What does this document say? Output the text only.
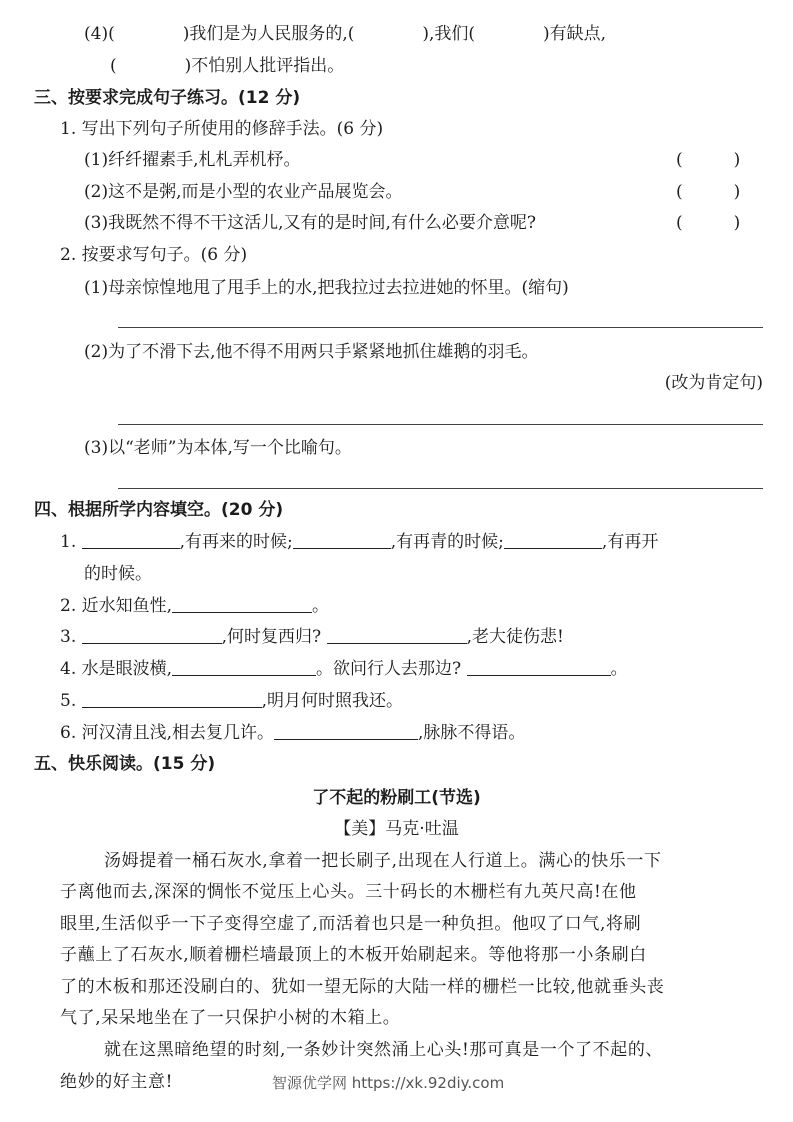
(4)(　　　　)我们是为人民服务的,(　　　　),我们(　　　　)有缺点,
(　　　　)不怕别人批评指出。
三、按要求完成句子练习。(12 分)
1. 写出下列句子所使用的修辞手法。(6 分)
(1)纤纤擢素手,札札弄机杼。	(　　　)
(2)这不是粥,而是小型的农业产品展览会。	(　　　)
(3)我既然不得不干这活儿,又有的是时间,有什么必要介意呢?	(　　　)
2. 按要求写句子。(6 分)
(1)母亲惊惶地甩了甩手上的水,把我拉过去拉进她的怀里。(缩句)
(2)为了不滑下去,他不得不用两只手紧紧地抓住雄鹅的羽毛。
(改为肯定句)
(3)以“老师”为本体,写一个比喻句。
四、根据所学内容填空。(20 分)
1.	,有再来的时候;	,有再青的时候;	,有再开
的时候。
2. 近水知鱼性,	。
3.	,何时复西归?	,老大徒伤悲!
4. 水是眼波横,	。欲问行人去那边?	。
5.	,明月何时照我还。
6. 河汉清且浅,相去复几许。	,脉脉不得语。
五、快乐阅读。(15 分)
了不起的粉刷工(节选)
【美】马克·吐温
汤姆提着一桶石灰水,拿着一把长刷子,出现在人行道上。满心的快乐一下
子离他而去,深深的惆怅不觉压上心头。三十码长的木栅栏有九英尺高!在他
眼里,生活似乎一下子变得空虚了,而活着也只是一种负担。他叹了口气,将刷
子蘸上了石灰水,顺着栅栏墙最顶上的木板开始刷起来。等他将那一小条刷白
了的木板和那还没刷白的、犹如一望无际的大陆一样的栅栏一比较,他就垂头丧
气了,呆呆地坐在了一只保护小树的木箱上。
就在这黑暗绝望的时刻,一条妙计突然涌上心头!那可真是一个了不起的、
绝妙的好主意!	智源优学网 https://xk.92diy.com
